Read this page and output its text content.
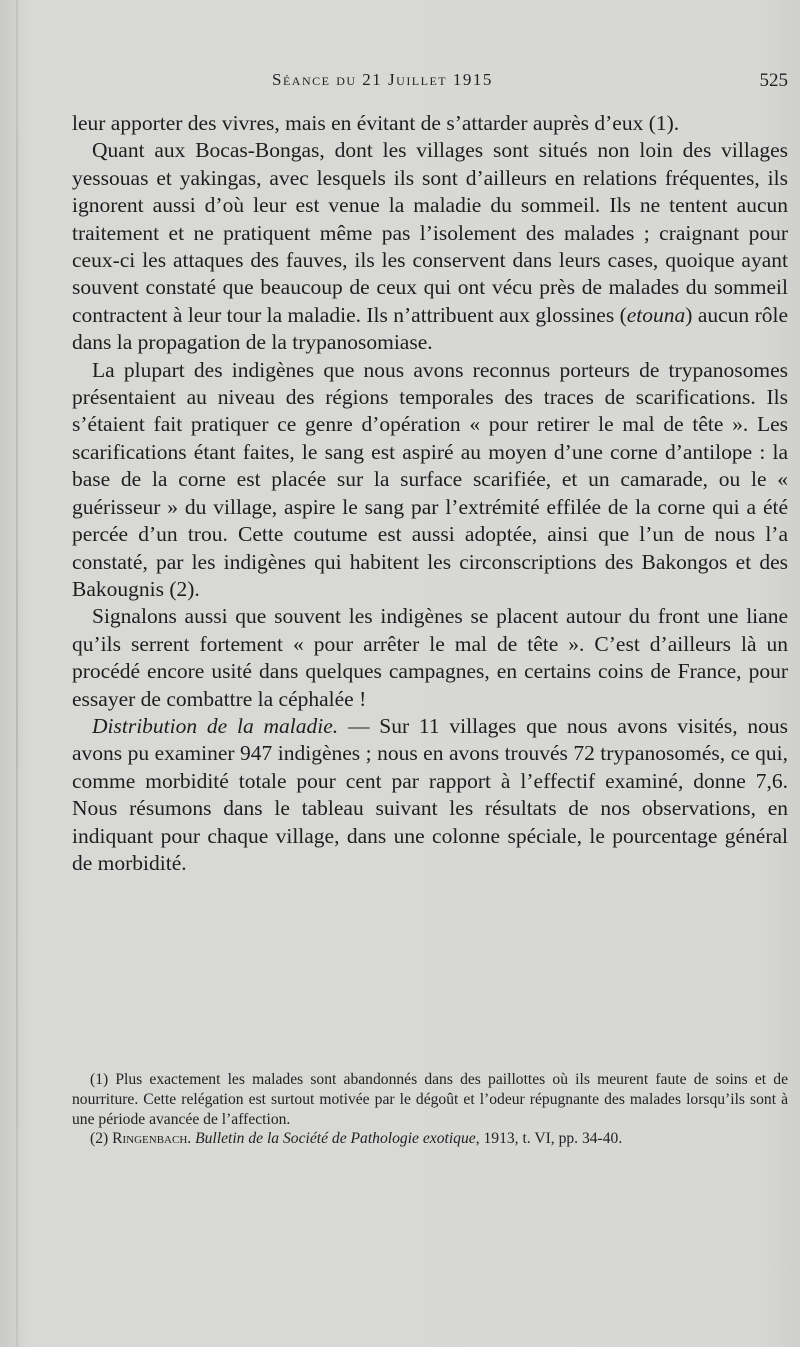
Séance du 21 Juillet 1915	525

leur apporter des vivres, mais en évitant de s’attarder auprès d’eux (1).

Quant aux Bocas-Bongas, dont les villages sont situés non loin des villages yessouas et yakingas, avec lesquels ils sont d’ailleurs en relations fréquentes, ils ignorent aussi d’où leur est venue la maladie du sommeil. Ils ne tentent aucun traitement et ne pratiquent même pas l’isolement des malades ; craignant pour ceux-ci les attaques des fauves, ils les conservent dans leurs cases, quoique ayant souvent constaté que beaucoup de ceux qui ont vécu près de malades du sommeil contractent à leur tour la maladie. Ils n’attribuent aux glossines (etouna) aucun rôle dans la propagation de la trypanosomiase.

La plupart des indigènes que nous avons reconnus porteurs de trypanosomes présentaient au niveau des régions temporales des traces de scarifications. Ils s’étaient fait pratiquer ce genre d’opération « pour retirer le mal de tête ». Les scarifications étant faites, le sang est aspiré au moyen d’une corne d’antilope : la base de la corne est placée sur la surface scarifiée, et un camarade, ou le « guérisseur » du village, aspire le sang par l’extrémité effilée de la corne qui a été percée d’un trou. Cette coutume est aussi adoptée, ainsi que l’un de nous l’a constaté, par les indigènes qui habitent les circonscriptions des Bakongos et des Bakougnis (2).

Signalons aussi que souvent les indigènes se placent autour du front une liane qu’ils serrent fortement « pour arrêter le mal de tête ». C’est d’ailleurs là un procédé encore usité dans quelques campagnes, en certains coins de France, pour essayer de combattre la céphalée !

Distribution de la maladie. — Sur 11 villages que nous avons visités, nous avons pu examiner 947 indigènes ; nous en avons trouvés 72 trypanosomés, ce qui, comme morbidité totale pour cent par rapport à l’effectif examiné, donne 7,6. Nous résumons dans le tableau suivant les résultats de nos observations, en indiquant pour chaque village, dans une colonne spéciale, le pourcentage général de morbidité.

(1) Plus exactement les malades sont abandonnés dans des paillottes où ils meurent faute de soins et de nourriture. Cette relégation est surtout motivée par le dégoût et l’odeur répugnante des malades lorsqu’ils sont à une période avancée de l’affection.

(2) Ringenbach. Bulletin de la Société de Pathologie exotique, 1913, t. VI, pp. 34-40.
